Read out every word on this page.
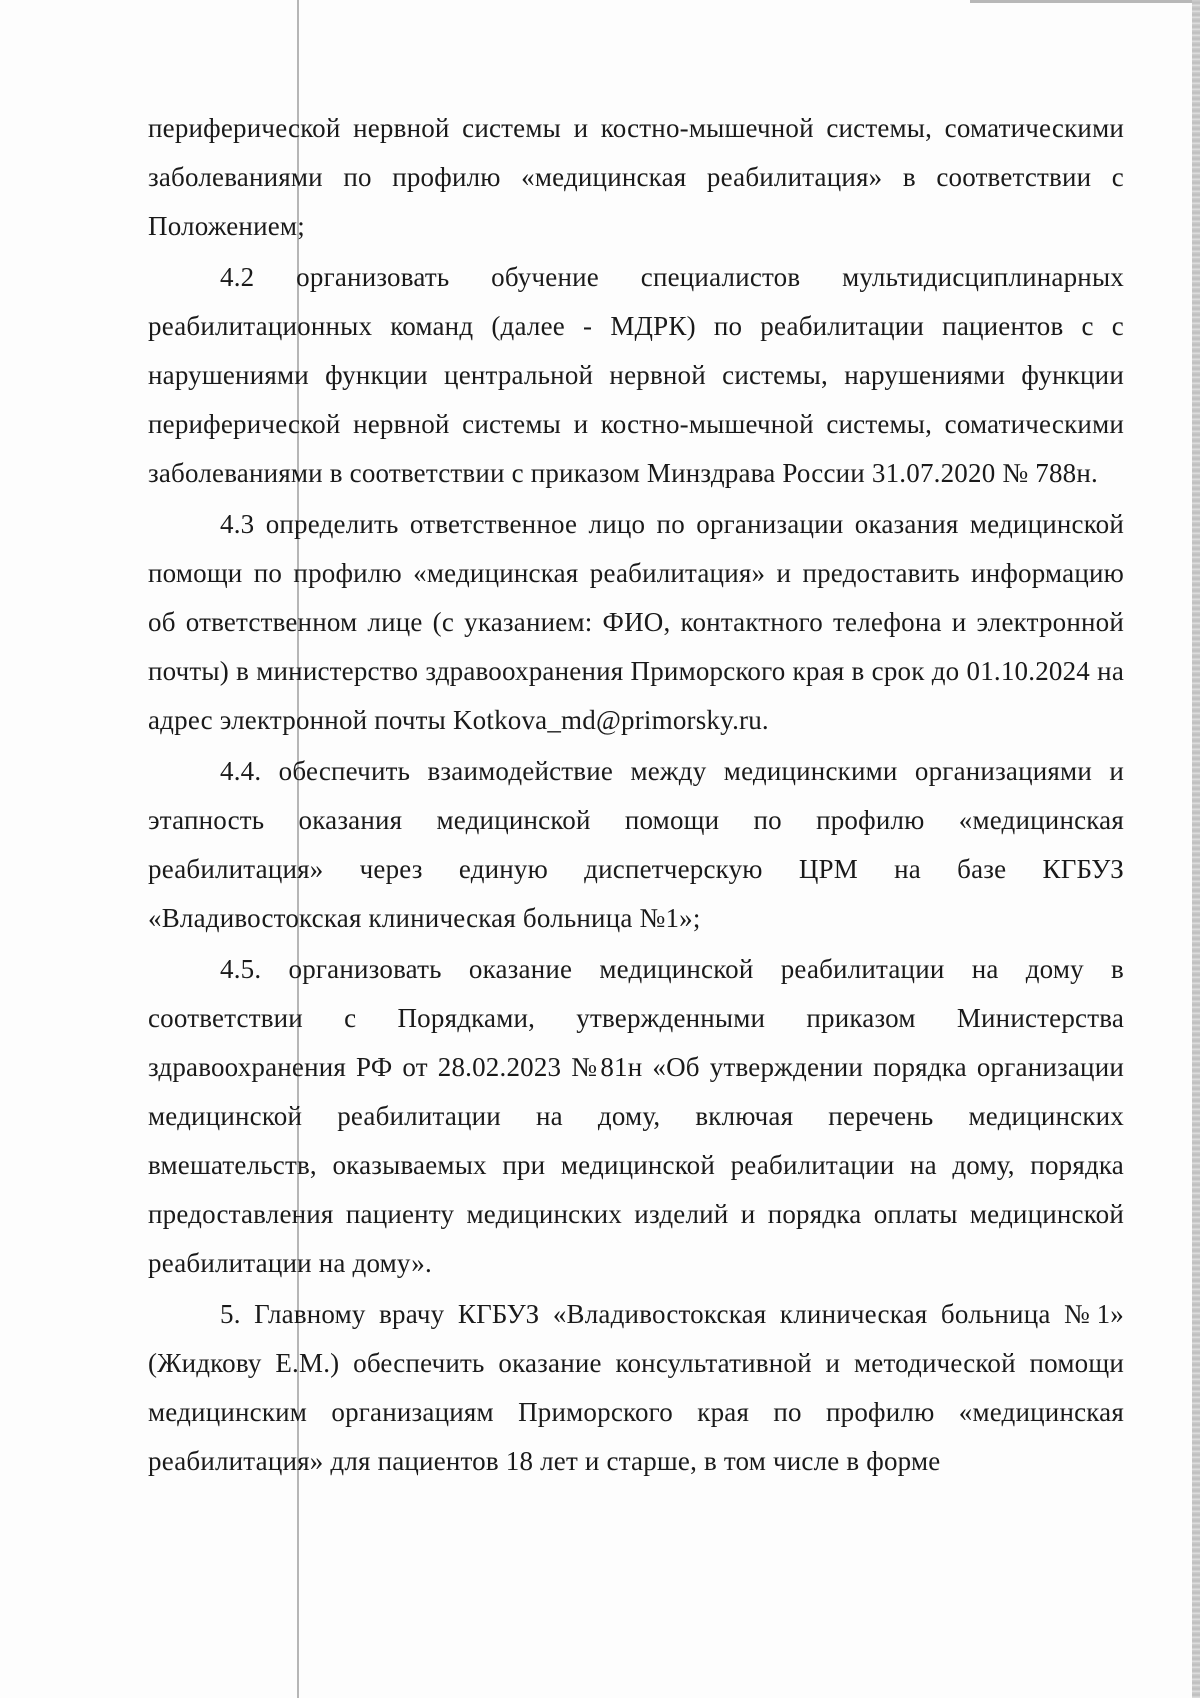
периферической нервной системы и костно-мышечной системы, соматическими заболеваниями по профилю «медицинская реабилитация» в соответствии с Положением;

4.2 организовать обучение специалистов мультидисциплинарных реабилитационных команд (далее - МДРК) по реабилитации пациентов с с нарушениями функции центральной нервной системы, нарушениями функции периферической нервной системы и костно-мышечной системы, соматическими заболеваниями в соответствии с приказом Минздрава России 31.07.2020 № 788н.

4.3 определить ответственное лицо по организации оказания медицинской помощи по профилю «медицинская реабилитация» и предоставить информацию об ответственном лице (с указанием: ФИО, контактного телефона и электронной почты) в министерство здравоохранения Приморского края в срок до 01.10.2024 на адрес электронной почты Kotkova_md@primorsky.ru.

4.4. обеспечить взаимодействие между медицинскими организациями и этапность оказания медицинской помощи по профилю «медицинская реабилитация» через единую диспетчерскую ЦРМ на базе КГБУЗ «Владивостокская клиническая больница №1»;

4.5. организовать оказание медицинской реабилитации на дому в соответствии с Порядками, утвержденными приказом Министерства здравоохранения РФ от 28.02.2023 №81н «Об утверждении порядка организации медицинской реабилитации на дому, включая перечень медицинских вмешательств, оказываемых при медицинской реабилитации на дому, порядка предоставления пациенту медицинских изделий и порядка оплаты медицинской реабилитации на дому».

5. Главному врачу КГБУЗ «Владивостокская клиническая больница №1» (Жидкову Е.М.) обеспечить оказание консультативной и методической помощи медицинским организациям Приморского края по профилю «медицинская реабилитация» для пациентов 18 лет и старше, в том числе в форме
